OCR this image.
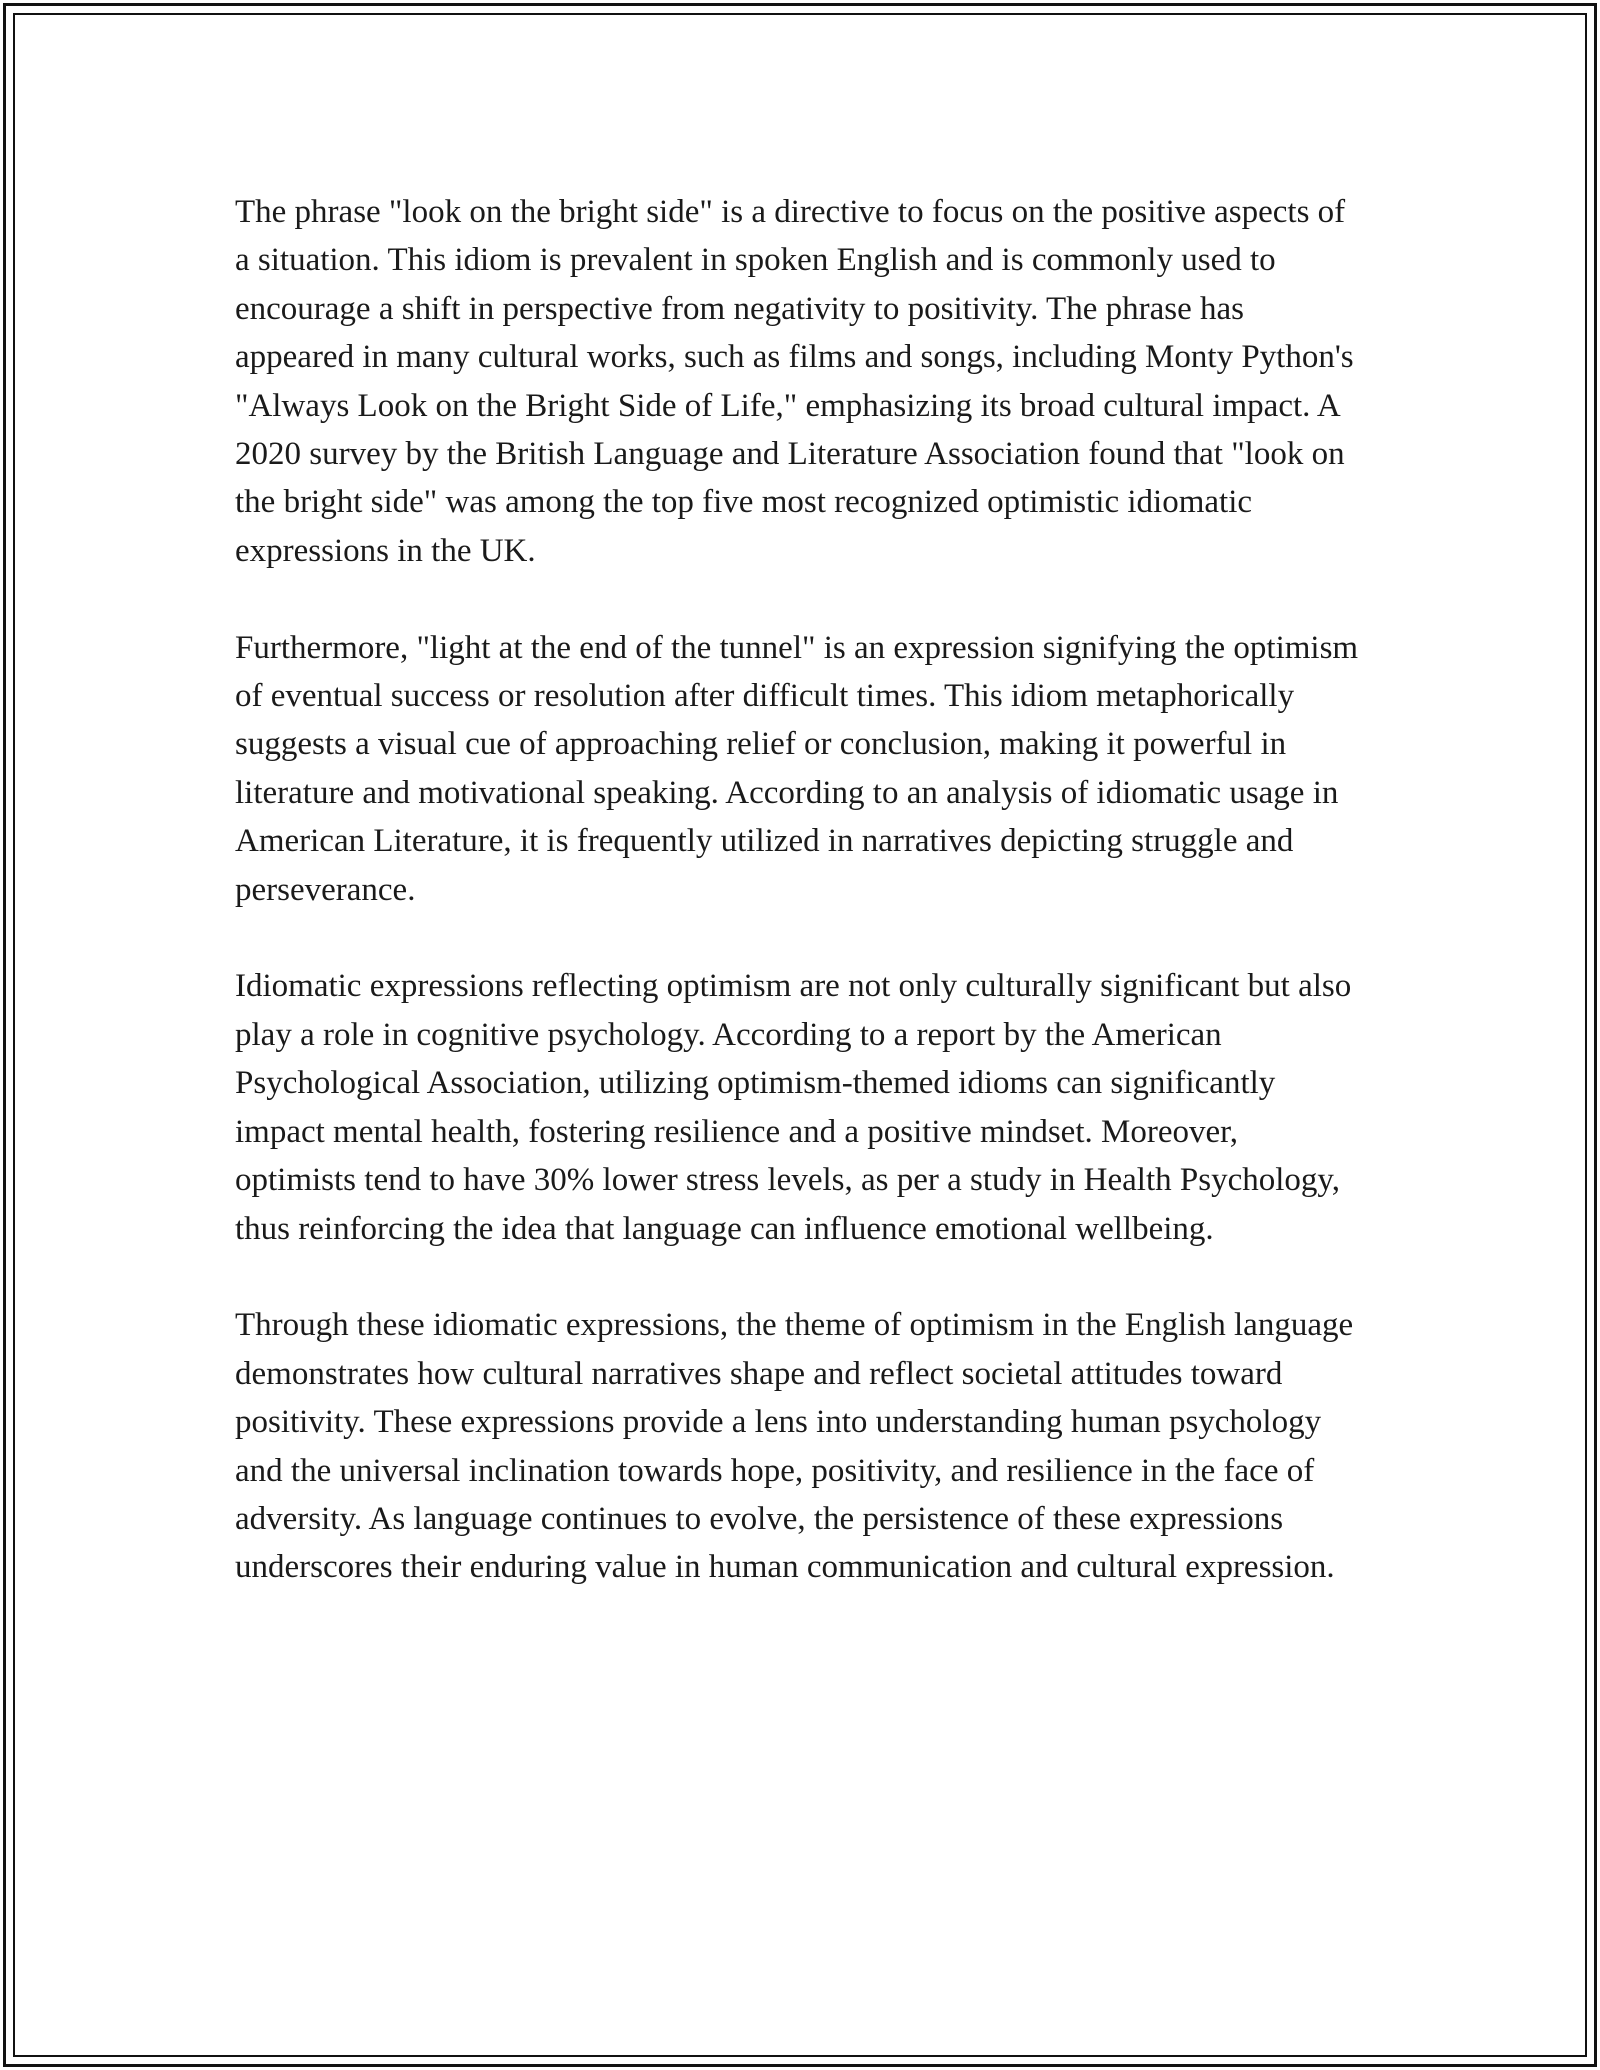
The phrase "look on the bright side" is a directive to focus on the positive aspects of a situation. This idiom is prevalent in spoken English and is commonly used to encourage a shift in perspective from negativity to positivity. The phrase has appeared in many cultural works, such as films and songs, including Monty Python's "Always Look on the Bright Side of Life," emphasizing its broad cultural impact. A 2020 survey by the British Language and Literature Association found that "look on the bright side" was among the top five most recognized optimistic idiomatic expressions in the UK.

Furthermore, "light at the end of the tunnel" is an expression signifying the optimism of eventual success or resolution after difficult times. This idiom metaphorically suggests a visual cue of approaching relief or conclusion, making it powerful in literature and motivational speaking. According to an analysis of idiomatic usage in American Literature, it is frequently utilized in narratives depicting struggle and perseverance.

Idiomatic expressions reflecting optimism are not only culturally significant but also play a role in cognitive psychology. According to a report by the American Psychological Association, utilizing optimism-themed idioms can significantly impact mental health, fostering resilience and a positive mindset. Moreover, optimists tend to have 30% lower stress levels, as per a study in Health Psychology, thus reinforcing the idea that language can influence emotional wellbeing.

Through these idiomatic expressions, the theme of optimism in the English language demonstrates how cultural narratives shape and reflect societal attitudes toward positivity. These expressions provide a lens into understanding human psychology and the universal inclination towards hope, positivity, and resilience in the face of adversity. As language continues to evolve, the persistence of these expressions underscores their enduring value in human communication and cultural expression.
